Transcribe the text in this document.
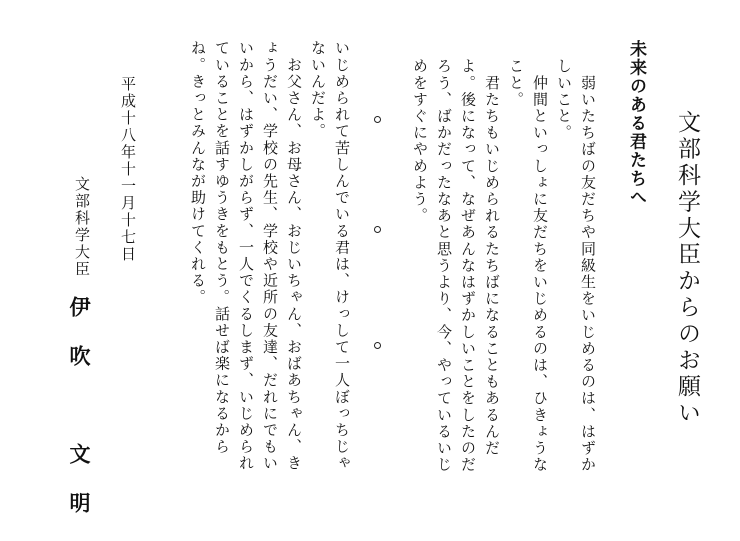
文部科学大臣からのお願い
未来のある君たちへ
　弱いたちばの友だちや同級生をいじめるのは、はずかしいこと。
　仲間といっしょに友だちをいじめるのは、ひきょうなこと。
　君たちもいじめられるたちばになることもあるんだよ。後になって、なぜあんなはずかしいことをしたのだろう、ばかだったなあと思うより、今、やっているいじめをすぐにやめよう。
いじめられて苦しんでいる君は、けっして一人ぼっちじゃないんだよ。
　お父さん、お母さん、おじいちゃん、おばあちゃん、きょうだい、学校の先生、学校や近所の友達、だれにでもいいから、はずかしがらず、一人でくるしまず、いじめられていることを話すゆうきをもとう。話せば楽になるからね。きっとみんなが助けてくれる。
平成十八年十一月十七日
文部科学大臣
伊吹　文明
